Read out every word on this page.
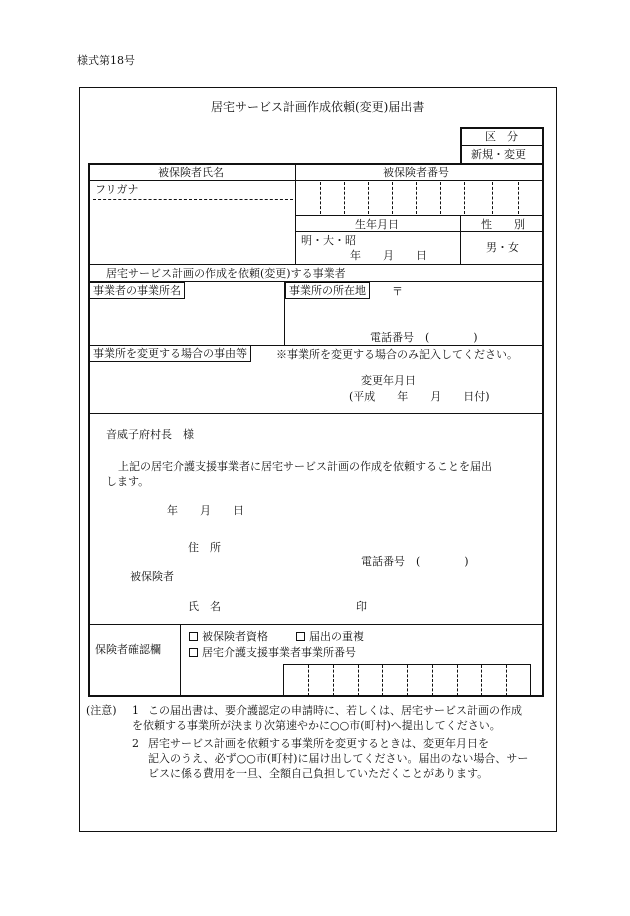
様式第18号
居宅サービス計画作成依頼(変更)届出書
区　分
新規・変更
被保険者氏名	被保険者番号
フリガナ
生年月日	性　　別
明・大・昭
年　　月　　日
男・女
居宅サービス計画の作成を依頼(変更)する事業者
事業者の事業所名	事業所の所在地	〒
電話番号　(　　　　)
事業所を変更する場合の事由等	※事業所を変更する場合のみ記入してください。
変更年月日
(平成　　年　　月　　日付)
音威子府村長　様
上記の居宅介護支援事業者に居宅サービス計画の作成を依頼することを届出
します。
年　　月　　日
住　所
電話番号　(　　　　)
被保険者
氏　名	印
保険者確認欄
被保険者資格	届出の重複
居宅介護支援事業者事業所番号
(注意) 1 この届出書は、要介護認定の申請時に、若しくは、居宅サービス計画の作成
を依頼する事業所が決まり次第速やかに○○市(町村)へ提出してください。
2 居宅サービス計画を依頼する事業所を変更するときは、変更年月日を
記入のうえ、必ず○○市(町村)に届け出してください。届出のない場合、サー
ビスに係る費用を一旦、全額自己負担していただくことがあります。
